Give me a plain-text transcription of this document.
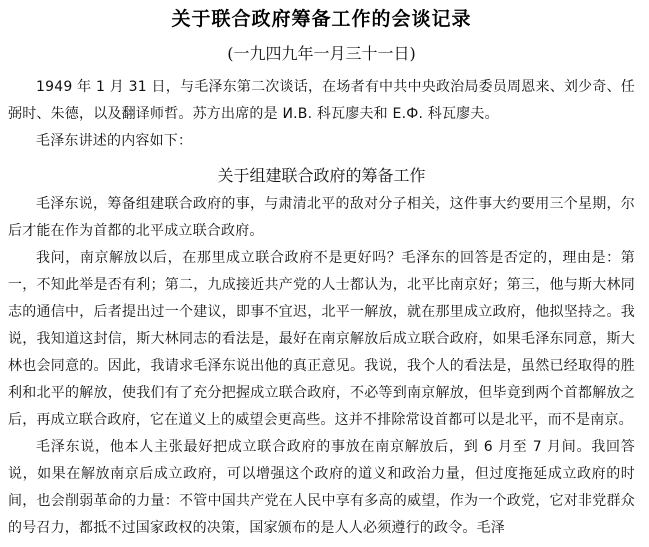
关于联合政府筹备工作的会谈记录
(一九四九年一月三十一日)

1949 年 1 月 31 日，与毛泽东第二次谈话，在场者有中共中央政治局委员周恩来、刘少奇、任弼时、朱德，以及翻译师哲。苏方出席的是 И.В. 科瓦廖夫和 Е.Ф. 科瓦廖夫。

毛泽东讲述的内容如下：

关于组建联合政府的筹备工作

毛泽东说，筹备组建联合政府的事，与肃清北平的敌对分子相关，这件事大约要用三个星期，尔后才能在作为首都的北平成立联合政府。

我问，南京解放以后，在那里成立联合政府不是更好吗？毛泽东的回答是否定的，理由是：第一，不知此举是否有利；第二，九成接近共产党的人士都认为，北平比南京好；第三，他与斯大林同志的通信中，后者提出过一个建议，即事不宜迟，北平一解放，就在那里成立政府，他拟坚持之。我说，我知道这封信，斯大林同志的看法是，最好在南京解放后成立联合政府，如果毛泽东同意，斯大林也会同意的。因此，我请求毛泽东说出他的真正意见。我说，我个人的看法是，虽然已经取得的胜利和北平的解放，使我们有了充分把握成立联合政府，不必等到南京解放，但毕竟到两个首都解放之后，再成立联合政府，它在道义上的威望会更高些。这并不排除常设首都可以是北平，而不是南京。

毛泽东说，他本人主张最好把成立联合政府的事放在南京解放后，到 6 月至 7 月间。我回答说，如果在解放南京后成立政府，可以增强这个政府的道义和政治力量，但过度拖延成立政府的时间，也会削弱革命的力量：不管中国共产党在人民中享有多高的威望，作为一个政党，它对非党群众的号召力，都抵不过国家政权的决策，国家颁布的是人人必须遵行的政令。毛泽
